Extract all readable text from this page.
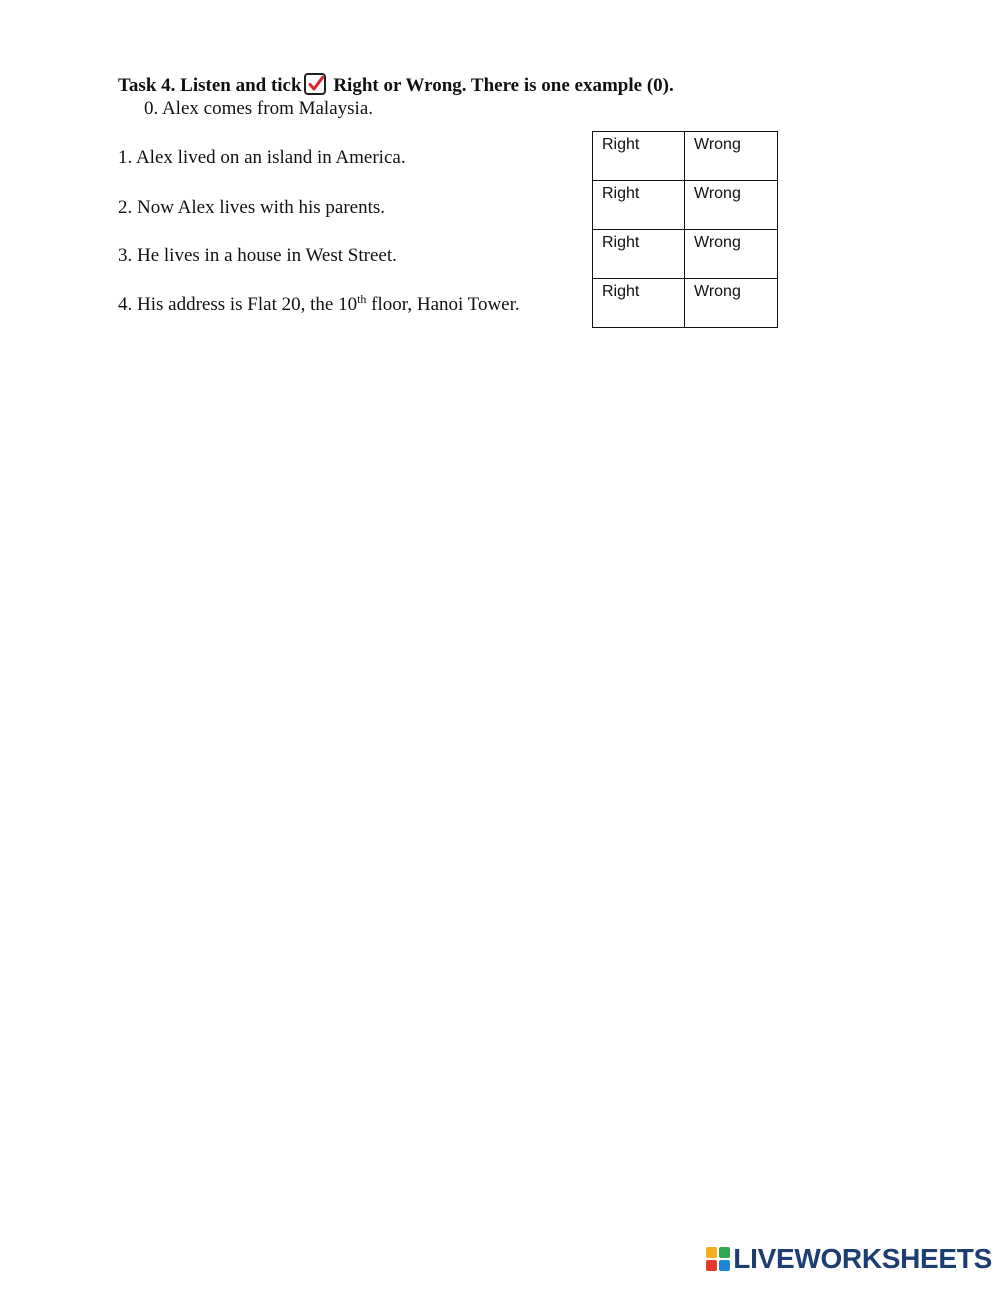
Task 4. Listen and tick
Right or Wrong. There is one example (0).
0. Alex comes from Malaysia.
1. Alex lived on an island in America.
2. Now Alex lives with his parents.
3. He lives in a house in West Street.
4. His address is Flat 20, the 10th floor, Hanoi Tower.
Right	Wrong
Right	Wrong
Right	Wrong
Right	Wrong
LIVEWORKSHEETS
